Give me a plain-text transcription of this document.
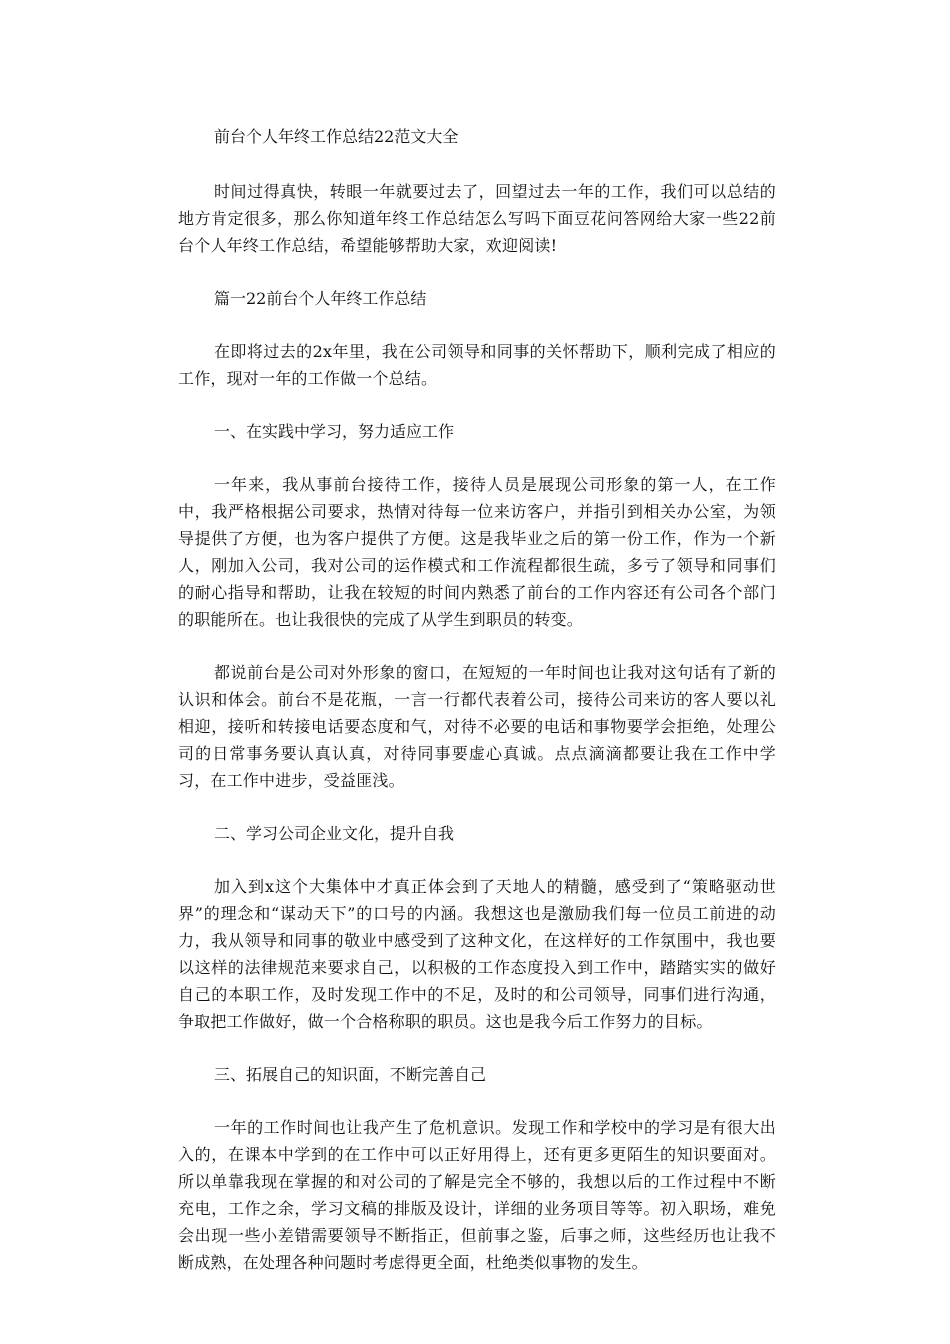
前台个人年终工作总结22范文大全

时间过得真快，转眼一年就要过去了，回望过去一年的工作，我们可以总结的地方肯定很多，那么你知道年终工作总结怎么写吗下面豆花问答网给大家一些22前台个人年终工作总结，希望能够帮助大家，欢迎阅读!

篇一22前台个人年终工作总结

在即将过去的2x年里，我在公司领导和同事的关怀帮助下，顺利完成了相应的工作，现对一年的工作做一个总结。

一、在实践中学习，努力适应工作

一年来，我从事前台接待工作，接待人员是展现公司形象的第一人，在工作中，我严格根据公司要求，热情对待每一位来访客户，并指引到相关办公室，为领导提供了方便，也为客户提供了方便。这是我毕业之后的第一份工作，作为一个新人，刚加入公司，我对公司的运作模式和工作流程都很生疏，多亏了领导和同事们的耐心指导和帮助，让我在较短的时间内熟悉了前台的工作内容还有公司各个部门的职能所在。也让我很快的完成了从学生到职员的转变。

都说前台是公司对外形象的窗口，在短短的一年时间也让我对这句话有了新的认识和体会。前台不是花瓶，一言一行都代表着公司，接待公司来访的客人要以礼相迎，接听和转接电话要态度和气，对待不必要的电话和事物要学会拒绝，处理公司的日常事务要认真认真，对待同事要虚心真诚。点点滴滴都要让我在工作中学习，在工作中进步，受益匪浅。

二、学习公司企业文化，提升自我

加入到x这个大集体中才真正体会到了天地人的精髓，感受到了“策略驱动世界”的理念和“谋动天下”的口号的内涵。我想这也是激励我们每一位员工前进的动力，我从领导和同事的敬业中感受到了这种文化，在这样好的工作氛围中，我也要以这样的法律规范来要求自己，以积极的工作态度投入到工作中，踏踏实实的做好自己的本职工作，及时发现工作中的不足，及时的和公司领导，同事们进行沟通，争取把工作做好，做一个合格称职的职员。这也是我今后工作努力的目标。

三、拓展自己的知识面，不断完善自己

一年的工作时间也让我产生了危机意识。发现工作和学校中的学习是有很大出入的，在课本中学到的在工作中可以正好用得上，还有更多更陌生的知识要面对。所以单靠我现在掌握的和对公司的了解是完全不够的，我想以后的工作过程中不断充电，工作之余，学习文稿的排版及设计，详细的业务项目等等。初入职场，难免会出现一些小差错需要领导不断指正，但前事之鉴，后事之师，这些经历也让我不断成熟，在处理各种问题时考虑得更全面，杜绝类似事物的发生。
